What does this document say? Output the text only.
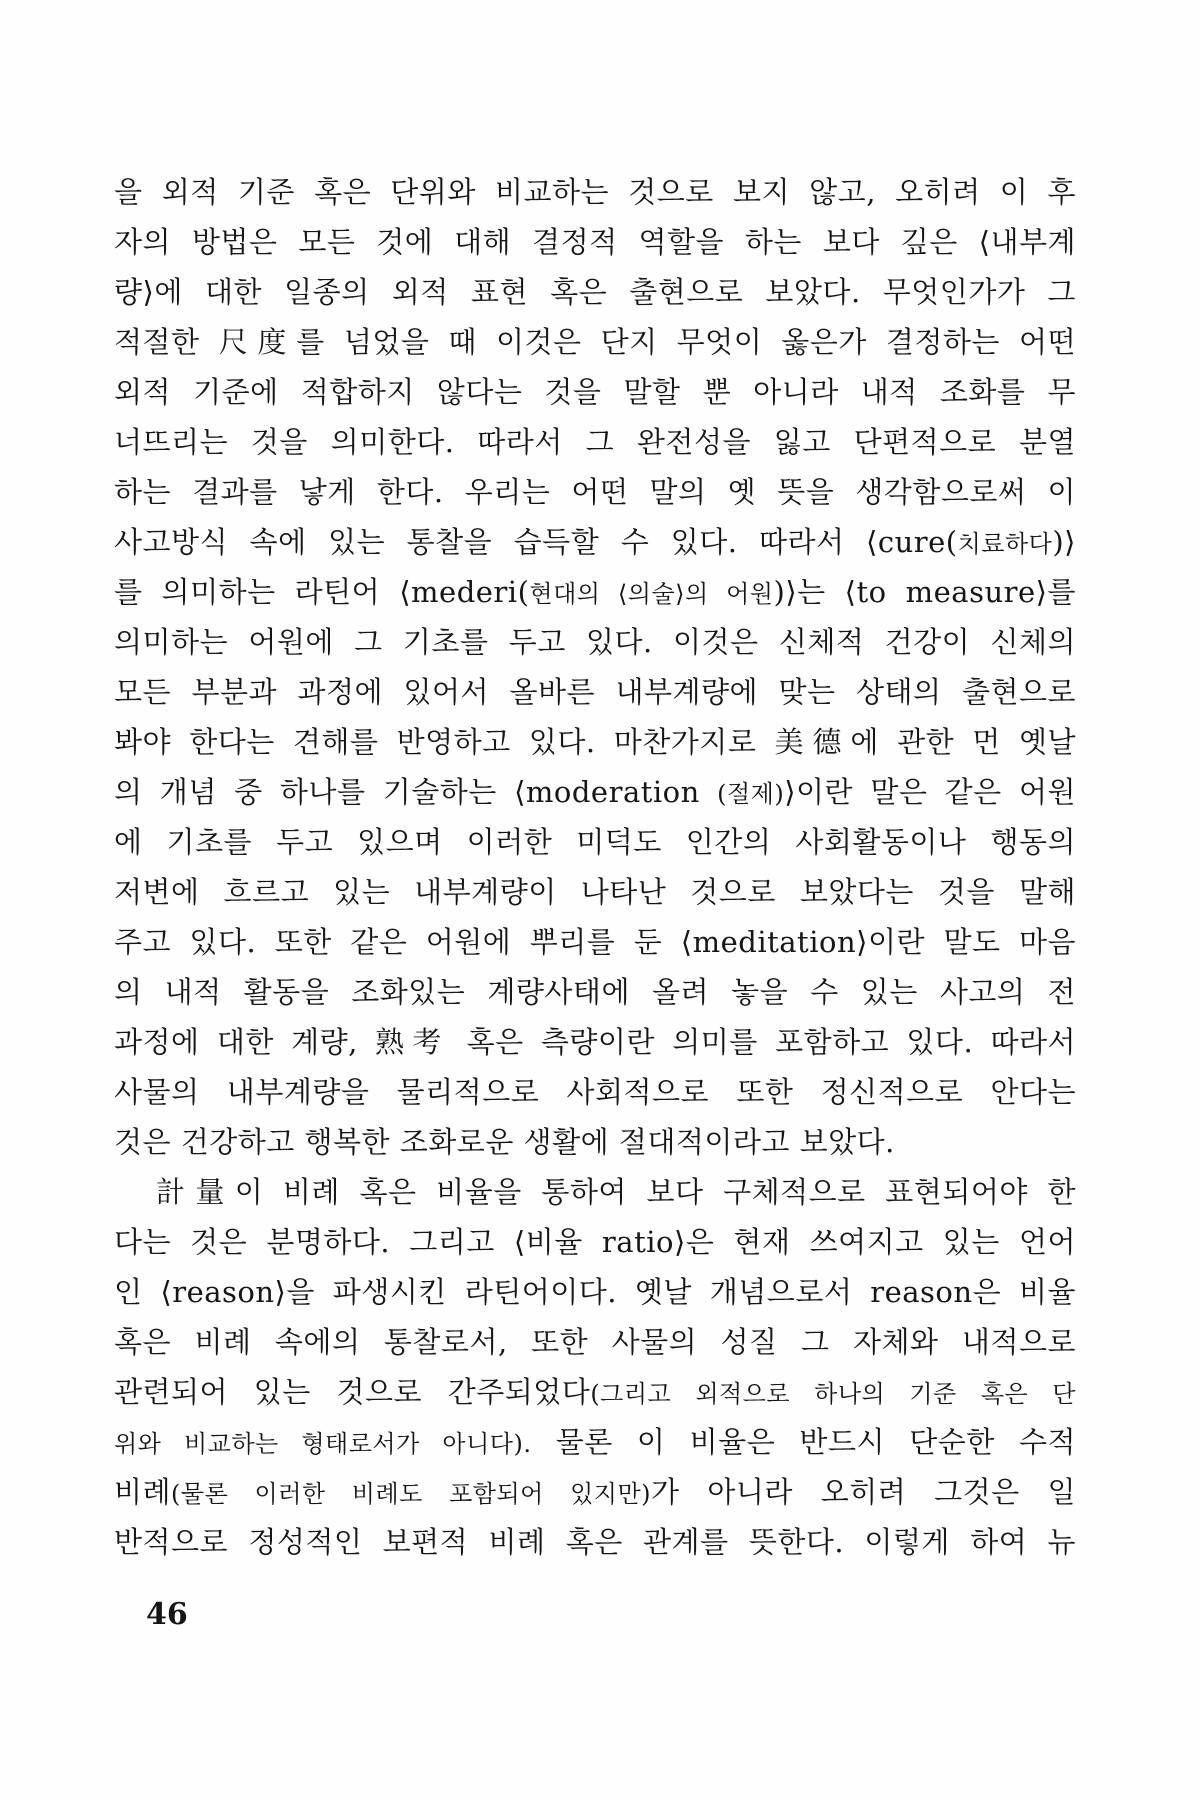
을 외적 기준 혹은 단위와 비교하는 것으로 보지 않고, 오히려 이 후
자의 방법은 모든 것에 대해 결정적 역할을 하는 보다 깊은 ⟨내부계
량⟩에 대한 일종의 외적 표현 혹은 출현으로 보았다. 무엇인가가 그
적절한 尺度를 넘었을 때 이것은 단지 무엇이 옳은가 결정하는 어떤
외적 기준에 적합하지 않다는 것을 말할 뿐 아니라 내적 조화를 무
너뜨리는 것을 의미한다. 따라서 그 완전성을 잃고 단편적으로 분열
하는 결과를 낳게 한다. 우리는 어떤 말의 옛 뜻을 생각함으로써 이
사고방식 속에 있는 통찰을 습득할 수 있다. 따라서 ⟨cure(치료하다)⟩
를 의미하는 라틴어 ⟨mederi(현대의 ⟨의술⟩의 어원)⟩는 ⟨to measure⟩를
의미하는 어원에 그 기초를 두고 있다. 이것은 신체적 건강이 신체의
모든 부분과 과정에 있어서 올바른 내부계량에 맞는 상태의 출현으로
봐야 한다는 견해를 반영하고 있다. 마찬가지로 美德에 관한 먼 옛날
의 개념 중 하나를 기술하는 ⟨moderation (절제)⟩이란 말은 같은 어원
에 기초를 두고 있으며 이러한 미덕도 인간의 사회활동이나 행동의
저변에 흐르고 있는 내부계량이 나타난 것으로 보았다는 것을 말해
주고 있다. 또한 같은 어원에 뿌리를 둔 ⟨meditation⟩이란 말도 마음
의 내적 활동을 조화있는 계량사태에 올려 놓을 수 있는 사고의 전
과정에 대한 계량, 熟考 혹은 측량이란 의미를 포함하고 있다. 따라서
사물의 내부계량을 물리적으로 사회적으로 또한 정신적으로 안다는
것은 건강하고 행복한 조화로운 생활에 절대적이라고 보았다.
計量이 비례 혹은 비율을 통하여 보다 구체적으로 표현되어야 한
다는 것은 분명하다. 그리고 ⟨비율 ratio⟩은 현재 쓰여지고 있는 언어
인 ⟨reason⟩을 파생시킨 라틴어이다. 옛날 개념으로서 reason은 비율
혹은 비례 속에의 통찰로서, 또한 사물의 성질 그 자체와 내적으로
관련되어 있는 것으로 간주되었다(그리고 외적으로 하나의 기준 혹은 단
위와 비교하는 형태로서가 아니다). 물론 이 비율은 반드시 단순한 수적
비례(물론 이러한 비례도 포함되어 있지만)가 아니라 오히려 그것은 일
반적으로 정성적인 보편적 비례 혹은 관계를 뜻한다. 이렇게 하여 뉴
46
